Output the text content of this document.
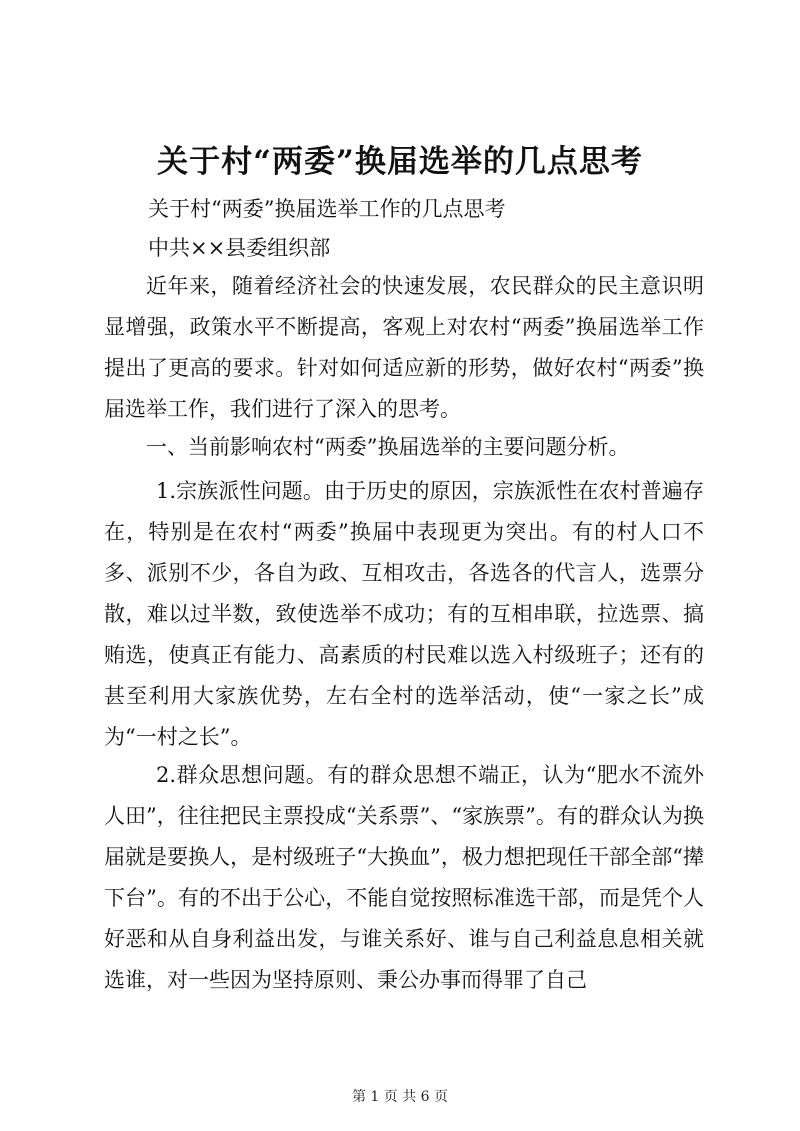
关于村“两委”换届选举的几点思考
关于村“两委”换届选举工作的几点思考
中共××县委组织部
近年来，随着经济社会的快速发展，农民群众的民主意识明显增强，政策水平不断提高，客观上对农村“两委”换届选举工作提出了更高的要求。针对如何适应新的形势，做好农村“两委”换届选举工作，我们进行了深入的思考。
一、当前影响农村“两委”换届选举的主要问题分析。
1.宗族派性问题。由于历史的原因，宗族派性在农村普遍存在，特别是在农村“两委”换届中表现更为突出。有的村人口不多、派别不少，各自为政、互相攻击，各选各的代言人，选票分散，难以过半数，致使选举不成功；有的互相串联，拉选票、搞贿选，使真正有能力、高素质的村民难以选入村级班子；还有的甚至利用大家族优势，左右全村的选举活动，使“一家之长”成为“一村之长”。
2.群众思想问题。有的群众思想不端正，认为“肥水不流外人田”，往往把民主票投成“关系票”、“家族票”。有的群众认为换届就是要换人，是村级班子“大换血”，极力想把现任干部全部“撵下台”。有的不出于公心，不能自觉按照标准选干部，而是凭个人好恶和从自身利益出发，与谁关系好、谁与自己利益息息相关就选谁，对一些因为坚持原则、秉公办事而得罪了自己
第 1 页 共 6 页
